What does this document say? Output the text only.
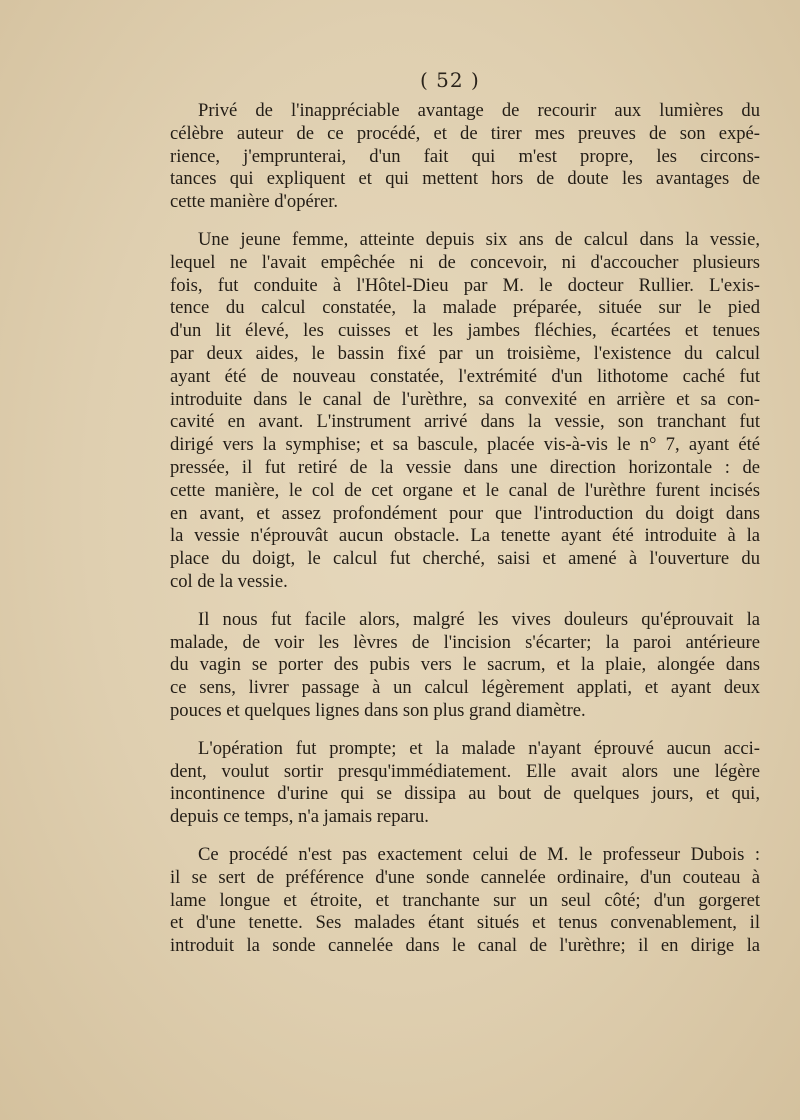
( 52 )

Privé de l'inappréciable avantage de recourir aux lumières du
célèbre auteur de ce procédé, et de tirer mes preuves de son expé-
rience, j'emprunterai, d'un fait qui m'est propre, les circons-
tances qui expliquent et qui mettent hors de doute les avantages de
cette manière d'opérer.

Une jeune femme, atteinte depuis six ans de calcul dans la vessie,
lequel ne l'avait empêchée ni de concevoir, ni d'accoucher plusieurs
fois, fut conduite à l'Hôtel-Dieu par M. le docteur Rullier. L'exis-
tence du calcul constatée, la malade préparée, située sur le pied
d'un lit élevé, les cuisses et les jambes fléchies, écartées et tenues
par deux aides, le bassin fixé par un troisième, l'existence du calcul
ayant été de nouveau constatée, l'extrémité d'un lithotome caché fut
introduite dans le canal de l'urèthre, sa convexité en arrière et sa con-
cavité en avant. L'instrument arrivé dans la vessie, son tranchant fut
dirigé vers la symphise; et sa bascule, placée vis-à-vis le n° 7, ayant été
pressée, il fut retiré de la vessie dans une direction horizontale : de
cette manière, le col de cet organe et le canal de l'urèthre furent incisés
en avant, et assez profondément pour que l'introduction du doigt dans
la vessie n'éprouvât aucun obstacle. La tenette ayant été introduite à la
place du doigt, le calcul fut cherché, saisi et amené à l'ouverture du
col de la vessie.

Il nous fut facile alors, malgré les vives douleurs qu'éprouvait la
malade, de voir les lèvres de l'incision s'écarter; la paroi antérieure
du vagin se porter des pubis vers le sacrum, et la plaie, alongée dans
ce sens, livrer passage à un calcul légèrement applati, et ayant deux
pouces et quelques lignes dans son plus grand diamètre.

L'opération fut prompte; et la malade n'ayant éprouvé aucun acci-
dent, voulut sortir presqu'immédiatement. Elle avait alors une légère
incontinence d'urine qui se dissipa au bout de quelques jours, et qui,
depuis ce temps, n'a jamais reparu.

Ce procédé n'est pas exactement celui de M. le professeur Dubois :
il se sert de préférence d'une sonde cannelée ordinaire, d'un couteau à
lame longue et étroite, et tranchante sur un seul côté; d'un gorgeret
et d'une tenette. Ses malades étant situés et tenus convenablement, il
introduit la sonde cannelée dans le canal de l'urèthre; il en dirige la
